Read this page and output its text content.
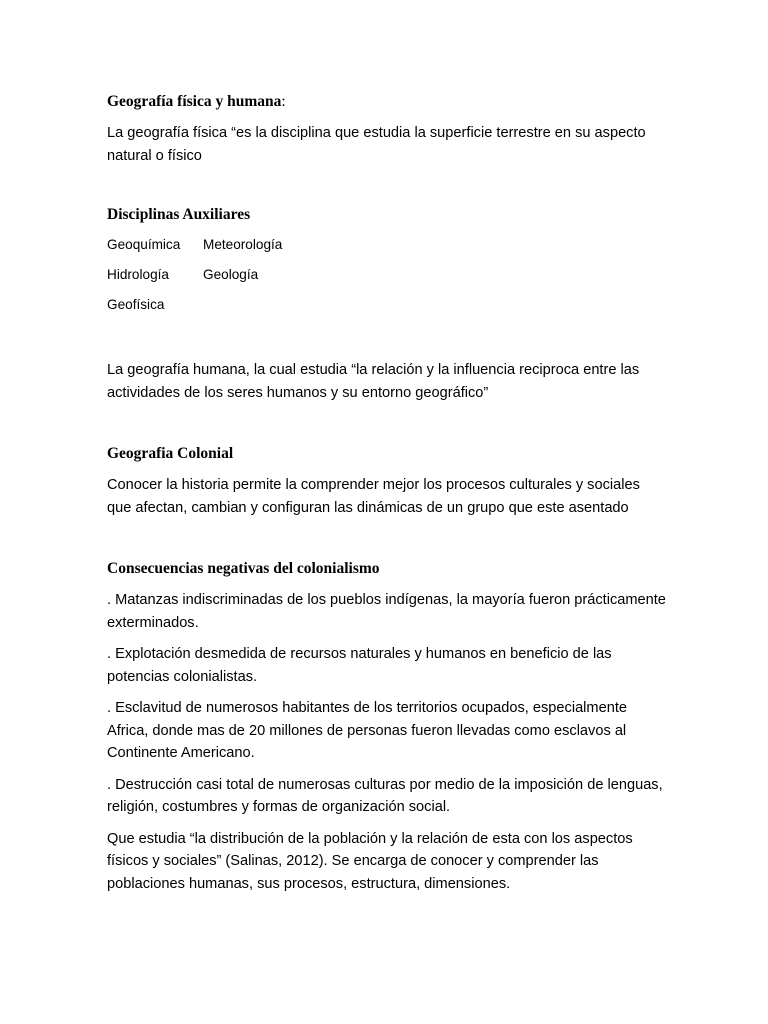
Geografía física y humana:

La geografía física “es la disciplina que estudia la superficie terrestre en su aspecto natural o físico

Disciplinas Auxiliares

Geoquímica	Meteorología
Hidrología	Geología
Geofísica

La geografía humana, la cual estudia “la relación y la influencia reciproca entre las actividades de los seres humanos y su entorno geográfico”

Geografia Colonial

Conocer la historia permite la comprender mejor los procesos culturales y sociales que afectan, cambian y configuran las dinámicas de un grupo que este asentado

Consecuencias negativas del colonialismo

. Matanzas indiscriminadas de los pueblos indígenas, la mayoría fueron prácticamente exterminados.

. Explotación desmedida de recursos naturales y humanos en beneficio de las potencias colonialistas.

. Esclavitud de numerosos habitantes de los territorios ocupados, especialmente Africa, donde mas de 20 millones de personas fueron llevadas como esclavos al Continente Americano.

. Destrucción casi total de numerosas culturas por medio de la imposición de lenguas, religión, costumbres y formas de organización social.

Que estudia “la distribución de la población y la relación de esta con los aspectos físicos y sociales” (Salinas, 2012). Se encarga de conocer y comprender las poblaciones humanas, sus procesos, estructura, dimensiones.
